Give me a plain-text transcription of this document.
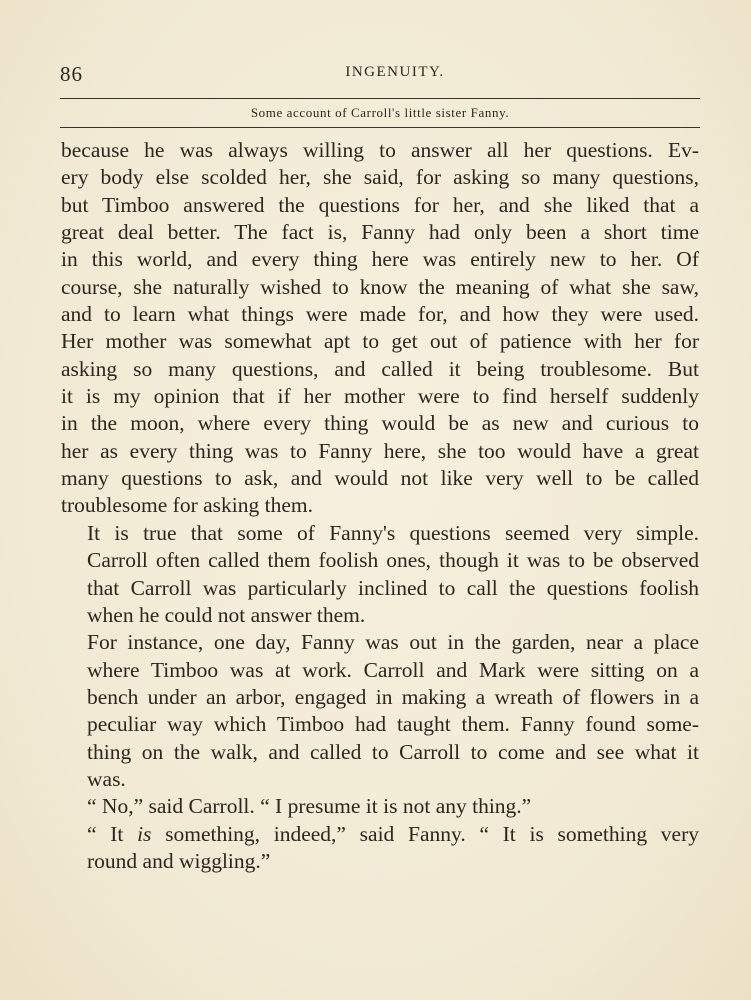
86	INGENUITY.
Some account of Carroll's little sister Fanny.

because he was always willing to answer all her questions. Ev-
ery body else scolded her, she said, for asking so many questions,
but Timboo answered the questions for her, and she liked that a
great deal better. The fact is, Fanny had only been a short time
in this world, and every thing here was entirely new to her. Of
course, she naturally wished to know the meaning of what she saw,
and to learn what things were made for, and how they were used.
Her mother was somewhat apt to get out of patience with her for
asking so many questions, and called it being troublesome. But
it is my opinion that if her mother were to find herself suddenly
in the moon, where every thing would be as new and curious to
her as every thing was to Fanny here, she too would have a great
many questions to ask, and would not like very well to be called
troublesome for asking them.

It is true that some of Fanny's questions seemed very simple.
Carroll often called them foolish ones, though it was to be observed
that Carroll was particularly inclined to call the questions foolish
when he could not answer them.

For instance, one day, Fanny was out in the garden, near a place
where Timboo was at work. Carroll and Mark were sitting on a
bench under an arbor, engaged in making a wreath of flowers in a
peculiar way which Timboo had taught them. Fanny found some-
thing on the walk, and called to Carroll to come and see what it
was.

“ No,” said Carroll. “ I presume it is not any thing.”

“ It is something, indeed,” said Fanny. “ It is something very
round and wiggling.”
